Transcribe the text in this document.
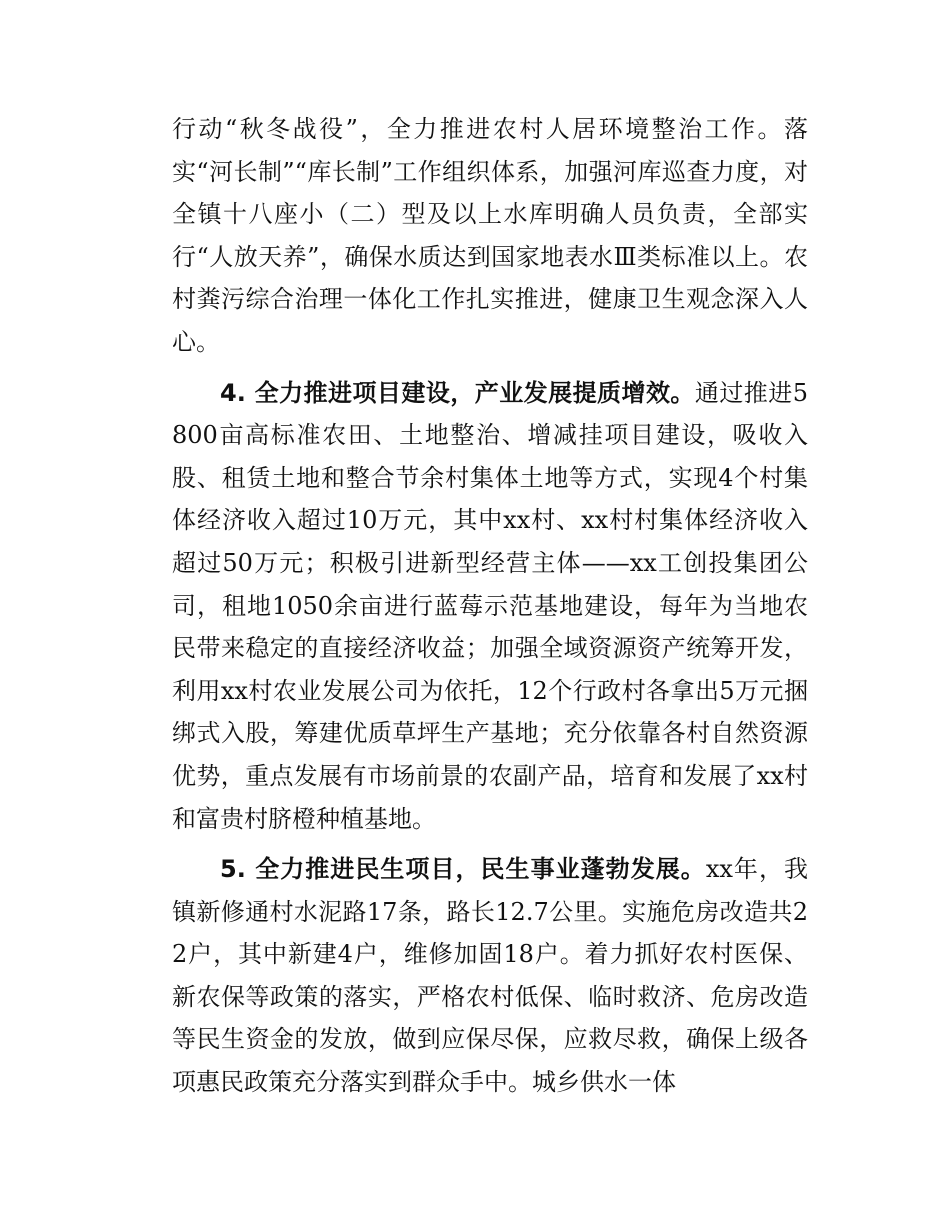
行动“秋冬战役”，全力推进农村人居环境整治工作。落实“河长制”“库长制”工作组织体系，加强河库巡查力度，对全镇十八座小（二）型及以上水库明确人员负责，全部实行“人放天养”，确保水质达到国家地表水Ⅲ类标准以上。农村粪污综合治理一体化工作扎实推进，健康卫生观念深入人心。

4. 全力推进项目建设，产业发展提质增效。通过推进5800亩高标准农田、土地整治、增减挂项目建设，吸收入股、租赁土地和整合节余村集体土地等方式，实现4个村集体经济收入超过10万元，其中xx村、xx村村集体经济收入超过50万元；积极引进新型经营主体——xx工创投集团公司，租地1050余亩进行蓝莓示范基地建设，每年为当地农民带来稳定的直接经济收益；加强全域资源资产统筹开发，利用xx村农业发展公司为依托，12个行政村各拿出5万元捆绑式入股，筹建优质草坪生产基地；充分依靠各村自然资源优势，重点发展有市场前景的农副产品，培育和发展了xx村和富贵村脐橙种植基地。

5. 全力推进民生项目，民生事业蓬勃发展。xx年，我镇新修通村水泥路17条，路长12.7公里。实施危房改造共22户，其中新建4户，维修加固18户。着力抓好农村医保、新农保等政策的落实，严格农村低保、临时救济、危房改造等民生资金的发放，做到应保尽保，应救尽救，确保上级各项惠民政策充分落实到群众手中。城乡供水一体
